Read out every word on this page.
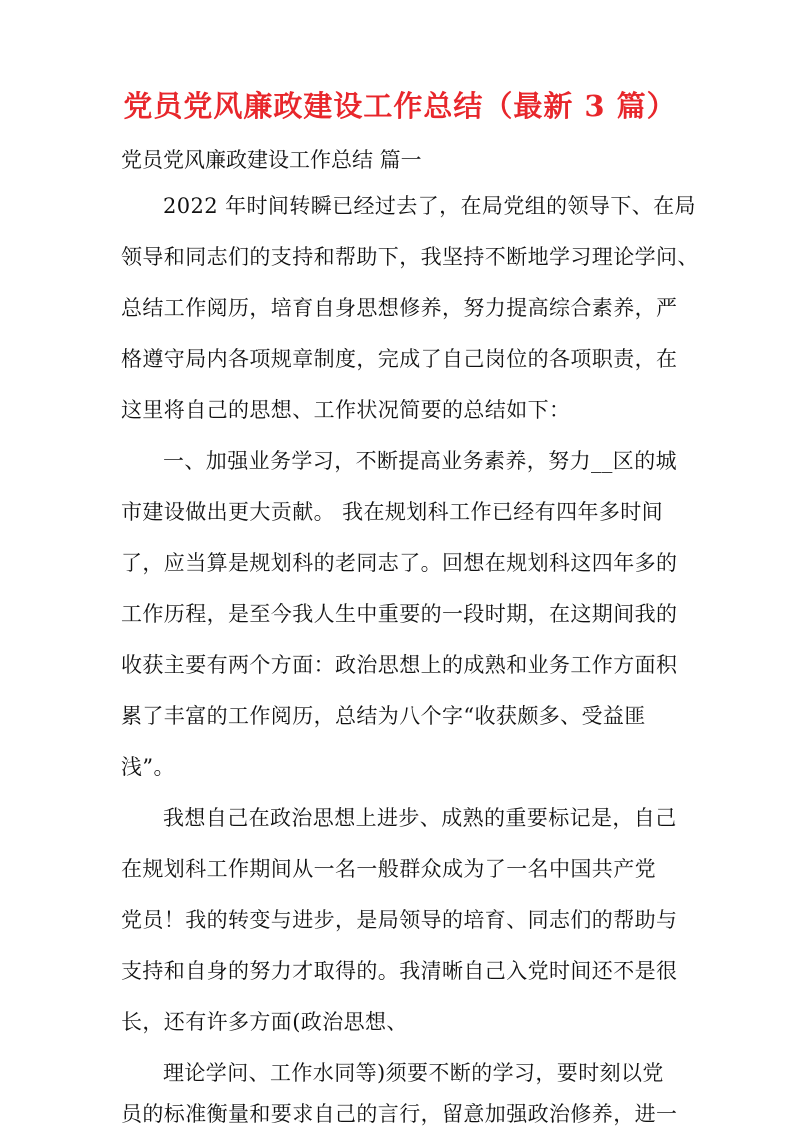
党员党风廉政建设工作总结（最新 3 篇）
党员党风廉政建设工作总结 篇一
2022 年时间转瞬已经过去了，在局党组的领导下、在局
领导和同志们的支持和帮助下，我坚持不断地学习理论学问、
总结工作阅历，培育自身思想修养，努力提高综合素养，严
格遵守局内各项规章制度，完成了自己岗位的各项职责，在
这里将自己的思想、工作状况简要的总结如下：
一、加强业务学习，不断提高业务素养，努力__区的城
市建设做出更大贡献。 我在规划科工作已经有四年多时间
了，应当算是规划科的老同志了。回想在规划科这四年多的
工作历程，是至今我人生中重要的一段时期，在这期间我的
收获主要有两个方面：政治思想上的成熟和业务工作方面积
累了丰富的工作阅历，总结为八个字“收获颇多、受益匪
浅”。
我想自己在政治思想上进步、成熟的重要标记是，自己
在规划科工作期间从一名一般群众成为了一名中国共产党
党员！我的转变与进步，是局领导的培育、同志们的帮助与
支持和自身的努力才取得的。我清晰自己入党时间还不是很
长，还有许多方面(政治思想、
理论学问、工作水同等)须要不断的学习，要时刻以党
员的标准衡量和要求自己的言行，留意加强政治修养，进一
